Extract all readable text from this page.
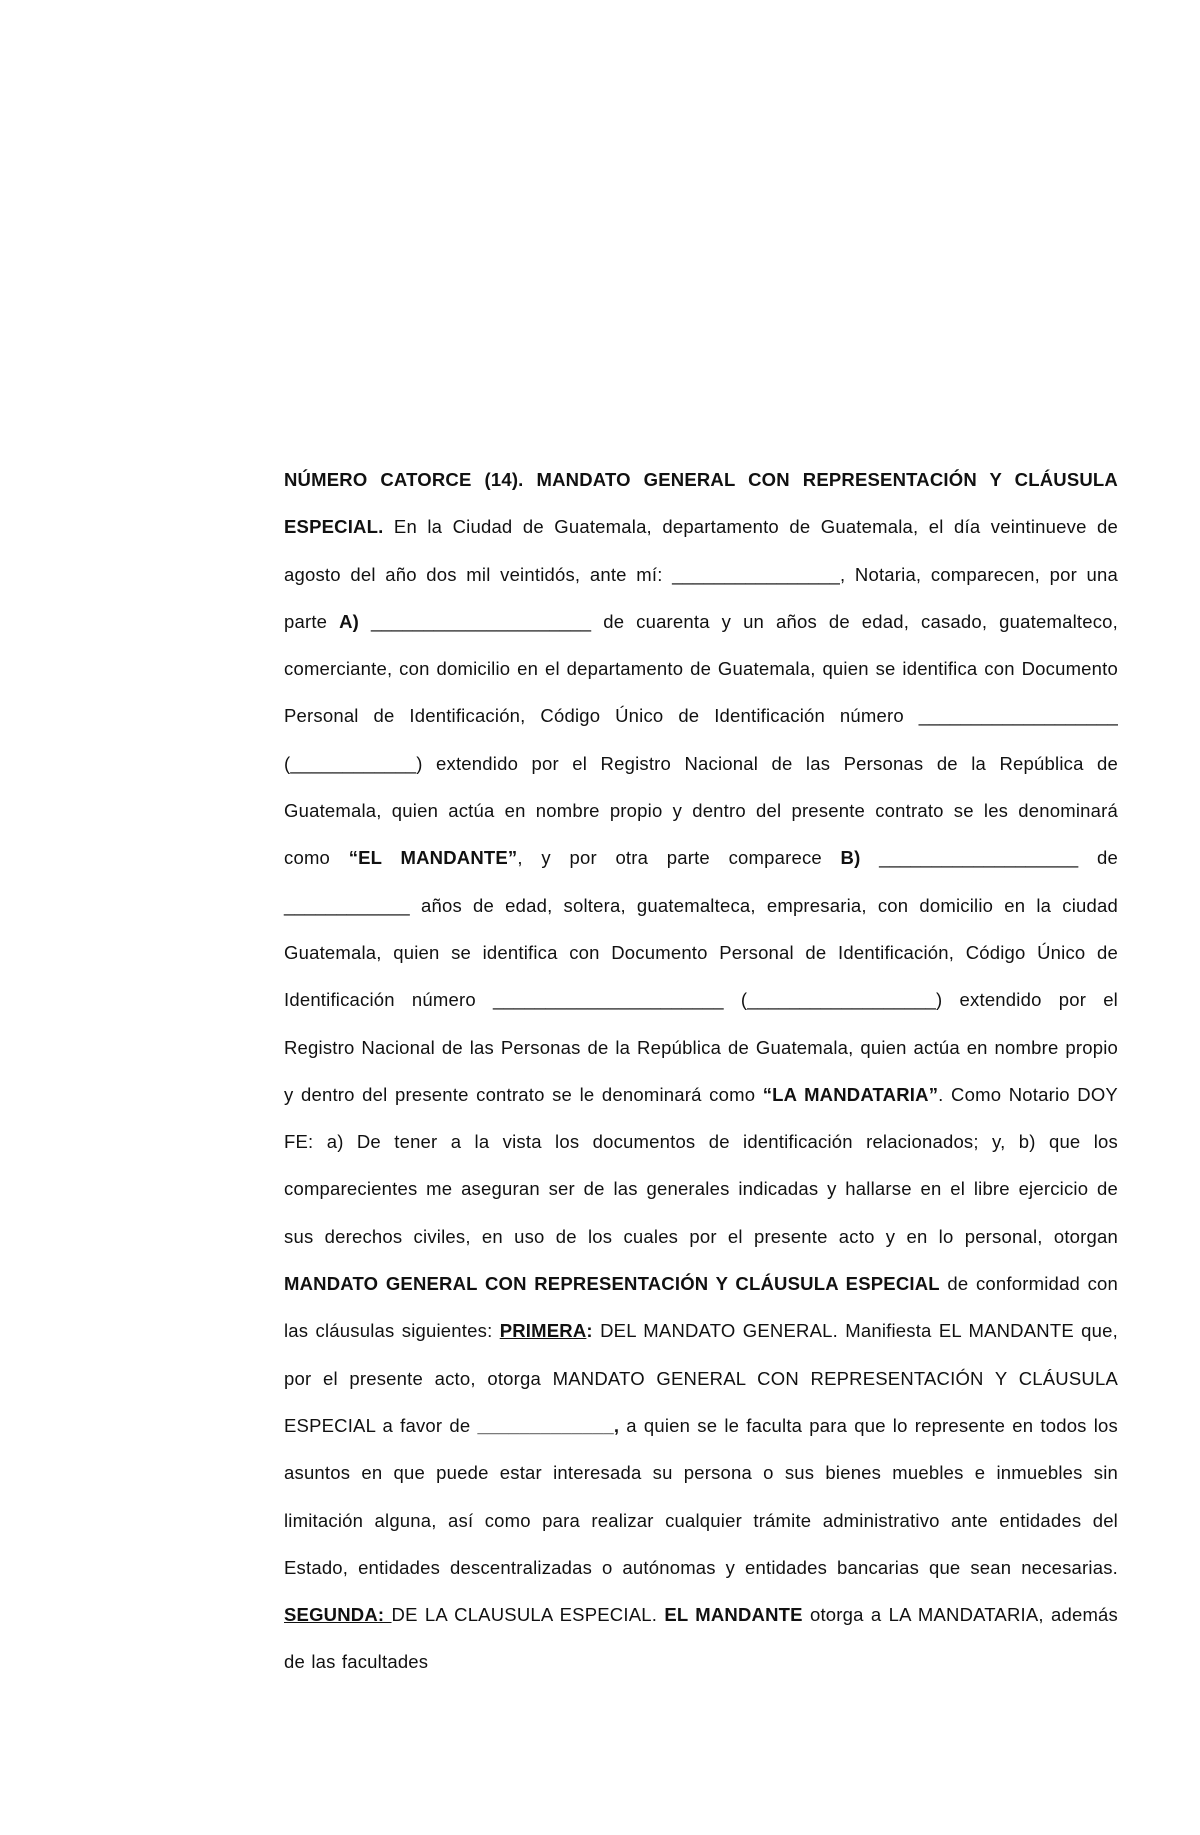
NÚMERO CATORCE (14). MANDATO GENERAL CON REPRESENTACIÓN Y CLÁUSULA ESPECIAL. En la Ciudad de Guatemala, departamento de Guatemala, el día veintinueve de agosto del año dos mil veintidós, ante mí: ________________, Notaria, comparecen, por una parte A) _____________________ de cuarenta y un años de edad, casado, guatemalteco, comerciante, con domicilio en el departamento de Guatemala, quien se identifica con Documento Personal de Identificación, Código Único de Identificación número ___________________ (____________) extendido por el Registro Nacional de las Personas de la República de Guatemala, quien actúa en nombre propio y dentro del presente contrato se les denominará como “EL MANDANTE”, y por otra parte comparece B) ___________________ de ____________ años de edad, soltera, guatemalteca, empresaria, con domicilio en la ciudad Guatemala, quien se identifica con Documento Personal de Identificación, Código Único de Identificación número ______________________ (__________________) extendido por el Registro Nacional de las Personas de la República de Guatemala, quien actúa en nombre propio y dentro del presente contrato se le denominará como “LA MANDATARIA”. Como Notario DOY FE: a) De tener a la vista los documentos de identificación relacionados; y, b) que los comparecientes me aseguran ser de las generales indicadas y hallarse en el libre ejercicio de sus derechos civiles, en uso de los cuales por el presente acto y en lo personal, otorgan MANDATO GENERAL CON REPRESENTACIÓN Y CLÁUSULA ESPECIAL de conformidad con las cláusulas siguientes: PRIMERA: DEL MANDATO GENERAL. Manifiesta EL MANDANTE que, por el presente acto, otorga MANDATO GENERAL CON REPRESENTACIÓN Y CLÁUSULA ESPECIAL a favor de _____________, a quien se le faculta para que lo represente en todos los asuntos en que puede estar interesada su persona o sus bienes muebles e inmuebles sin limitación alguna, así como para realizar cualquier trámite administrativo ante entidades del Estado, entidades descentralizadas o autónomas y entidades bancarias que sean necesarias. SEGUNDA: DE LA CLAUSULA ESPECIAL. EL MANDANTE otorga a LA MANDATARIA, además de las facultades
